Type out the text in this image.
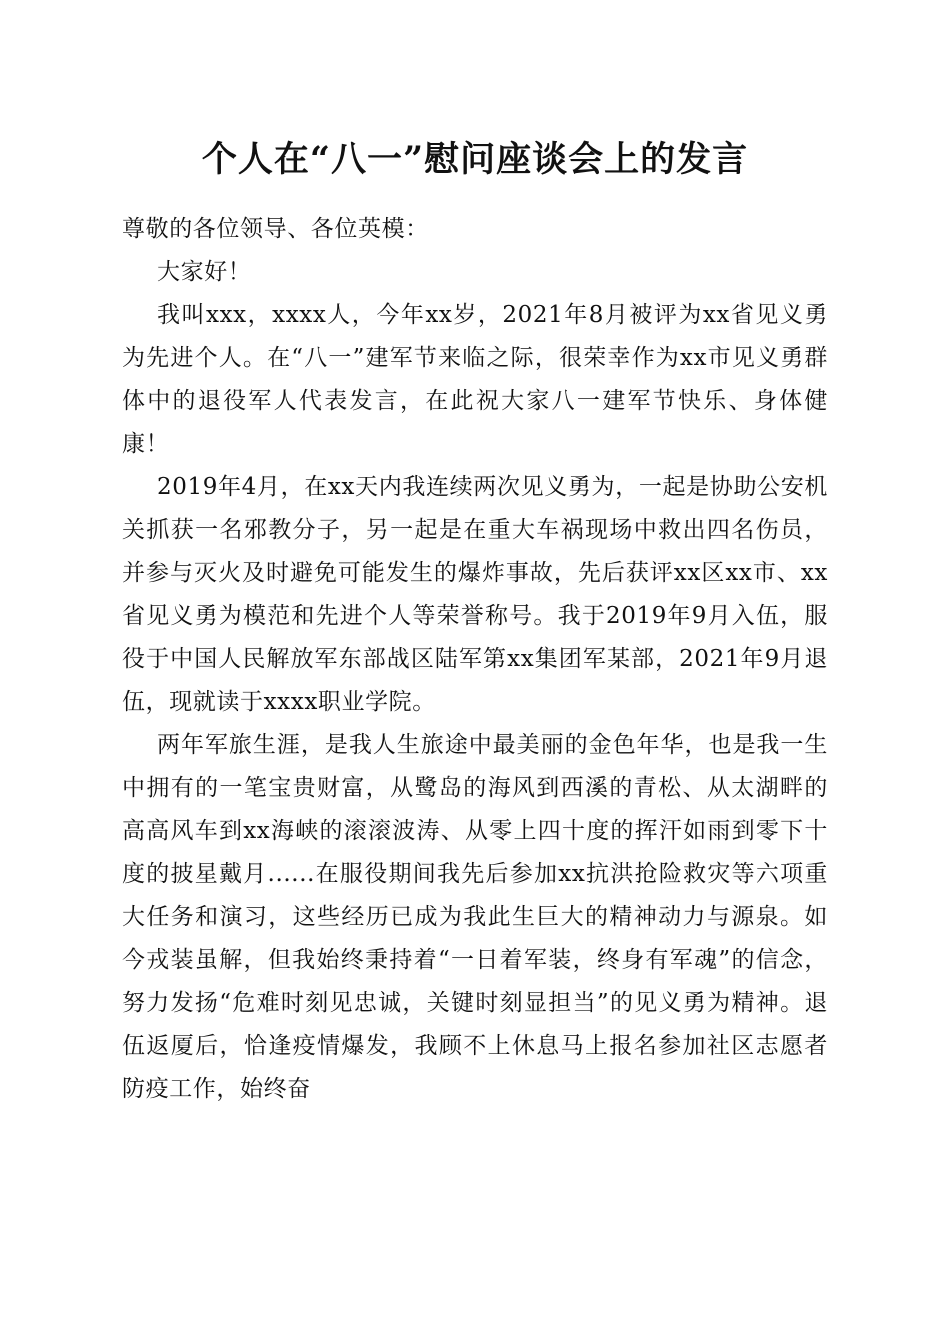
个人在“八一”慰问座谈会上的发言

尊敬的各位领导、各位英模：

大家好！

我叫xxx，xxxx人，今年xx岁，2021年8月被评为xx省见义勇为先进个人。在“八一”建军节来临之际，很荣幸作为xx市见义勇群体中的退役军人代表发言，在此祝大家八一建军节快乐、身体健康！

2019年4月，在xx天内我连续两次见义勇为，一起是协助公安机关抓获一名邪教分子，另一起是在重大车祸现场中救出四名伤员，并参与灭火及时避免可能发生的爆炸事故，先后获评xx区xx市、xx省见义勇为模范和先进个人等荣誉称号。我于2019年9月入伍，服役于中国人民解放军东部战区陆军第xx集团军某部，2021年9月退伍，现就读于xxxx职业学院。

两年军旅生涯，是我人生旅途中最美丽的金色年华，也是我一生中拥有的一笔宝贵财富，从鹭岛的海风到西溪的青松、从太湖畔的高高风车到xx海峡的滚滚波涛、从零上四十度的挥汗如雨到零下十度的披星戴月......在服役期间我先后参加xx抗洪抢险救灾等六项重大任务和演习，这些经历已成为我此生巨大的精神动力与源泉。如今戎装虽解，但我始终秉持着“一日着军装，终身有军魂”的信念，努力发扬“危难时刻见忠诚，关键时刻显担当”的见义勇为精神。退伍返厦后，恰逢疫情爆发，我顾不上休息马上报名参加社区志愿者防疫工作，始终奋
